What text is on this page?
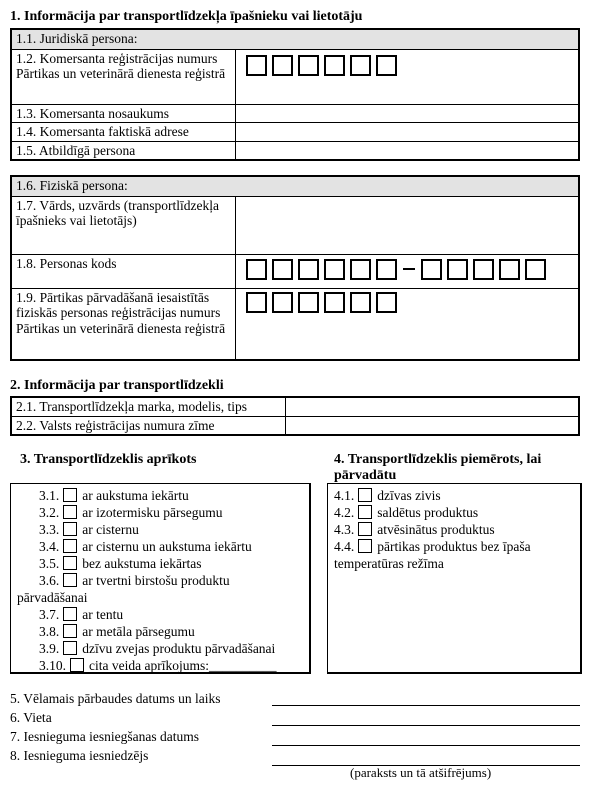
1. Informācija par transportlīdzekļa īpašnieku vai lietotāju
1.1. Juridiskā persona:	
1.2. Komersanta reģistrācijas numurs Pārtikas un veterinārā dienesta reģistrā	

1.3. Komersanta nosaukums	
1.4. Komersanta faktiskā adrese	
1.5. Atbildīgā persona	
1.6. Fiziskā persona:	
1.7. Vārds, uzvārds (transportlīdzekļa īpašnieks vai lietotājs)	
1.8. Personas kods	

1.9. Pārtikas pārvadāšanā iesaistītās fiziskās personas reģistrācijas numurs Pārtikas un veterinārā dienesta reģistrā	
2. Informācija par transportlīdzekli
2.1. Transportlīdzekļa marka, modelis, tips	
2.2. Valsts reģistrācijas numura zīme	
3. Transportlīdzeklis aprīkots
3.1. ar aukstuma iekārtu
3.2. ar izotermisku pārsegumu
3.3. ar cisternu
3.4. ar cisternu un aukstuma iekārtu
3.5. bez aukstuma iekārtas
3.6. ar tvertni birstošu produktu
pārvadāšanai
3.7. ar tentu
3.8. ar metāla pārsegumu
3.9. dzīvu zvejas produktu pārvadāšanai
3.10. cita veida aprīkojums:__________
4. Transportlīdzeklis piemērots, lai
pārvadātu
4.1. dzīvas zivis
4.2. saldētus produktus
4.3. atvēsinātus produktus
4.4. pārtikas produktus bez īpaša
temperatūras režīma
5. Vēlamais pārbaudes datums un laiks
6. Vieta
7. Iesnieguma iesniegšanas datums
8. Iesnieguma iesniedzējs
(paraksts un tā atšifrējums)
